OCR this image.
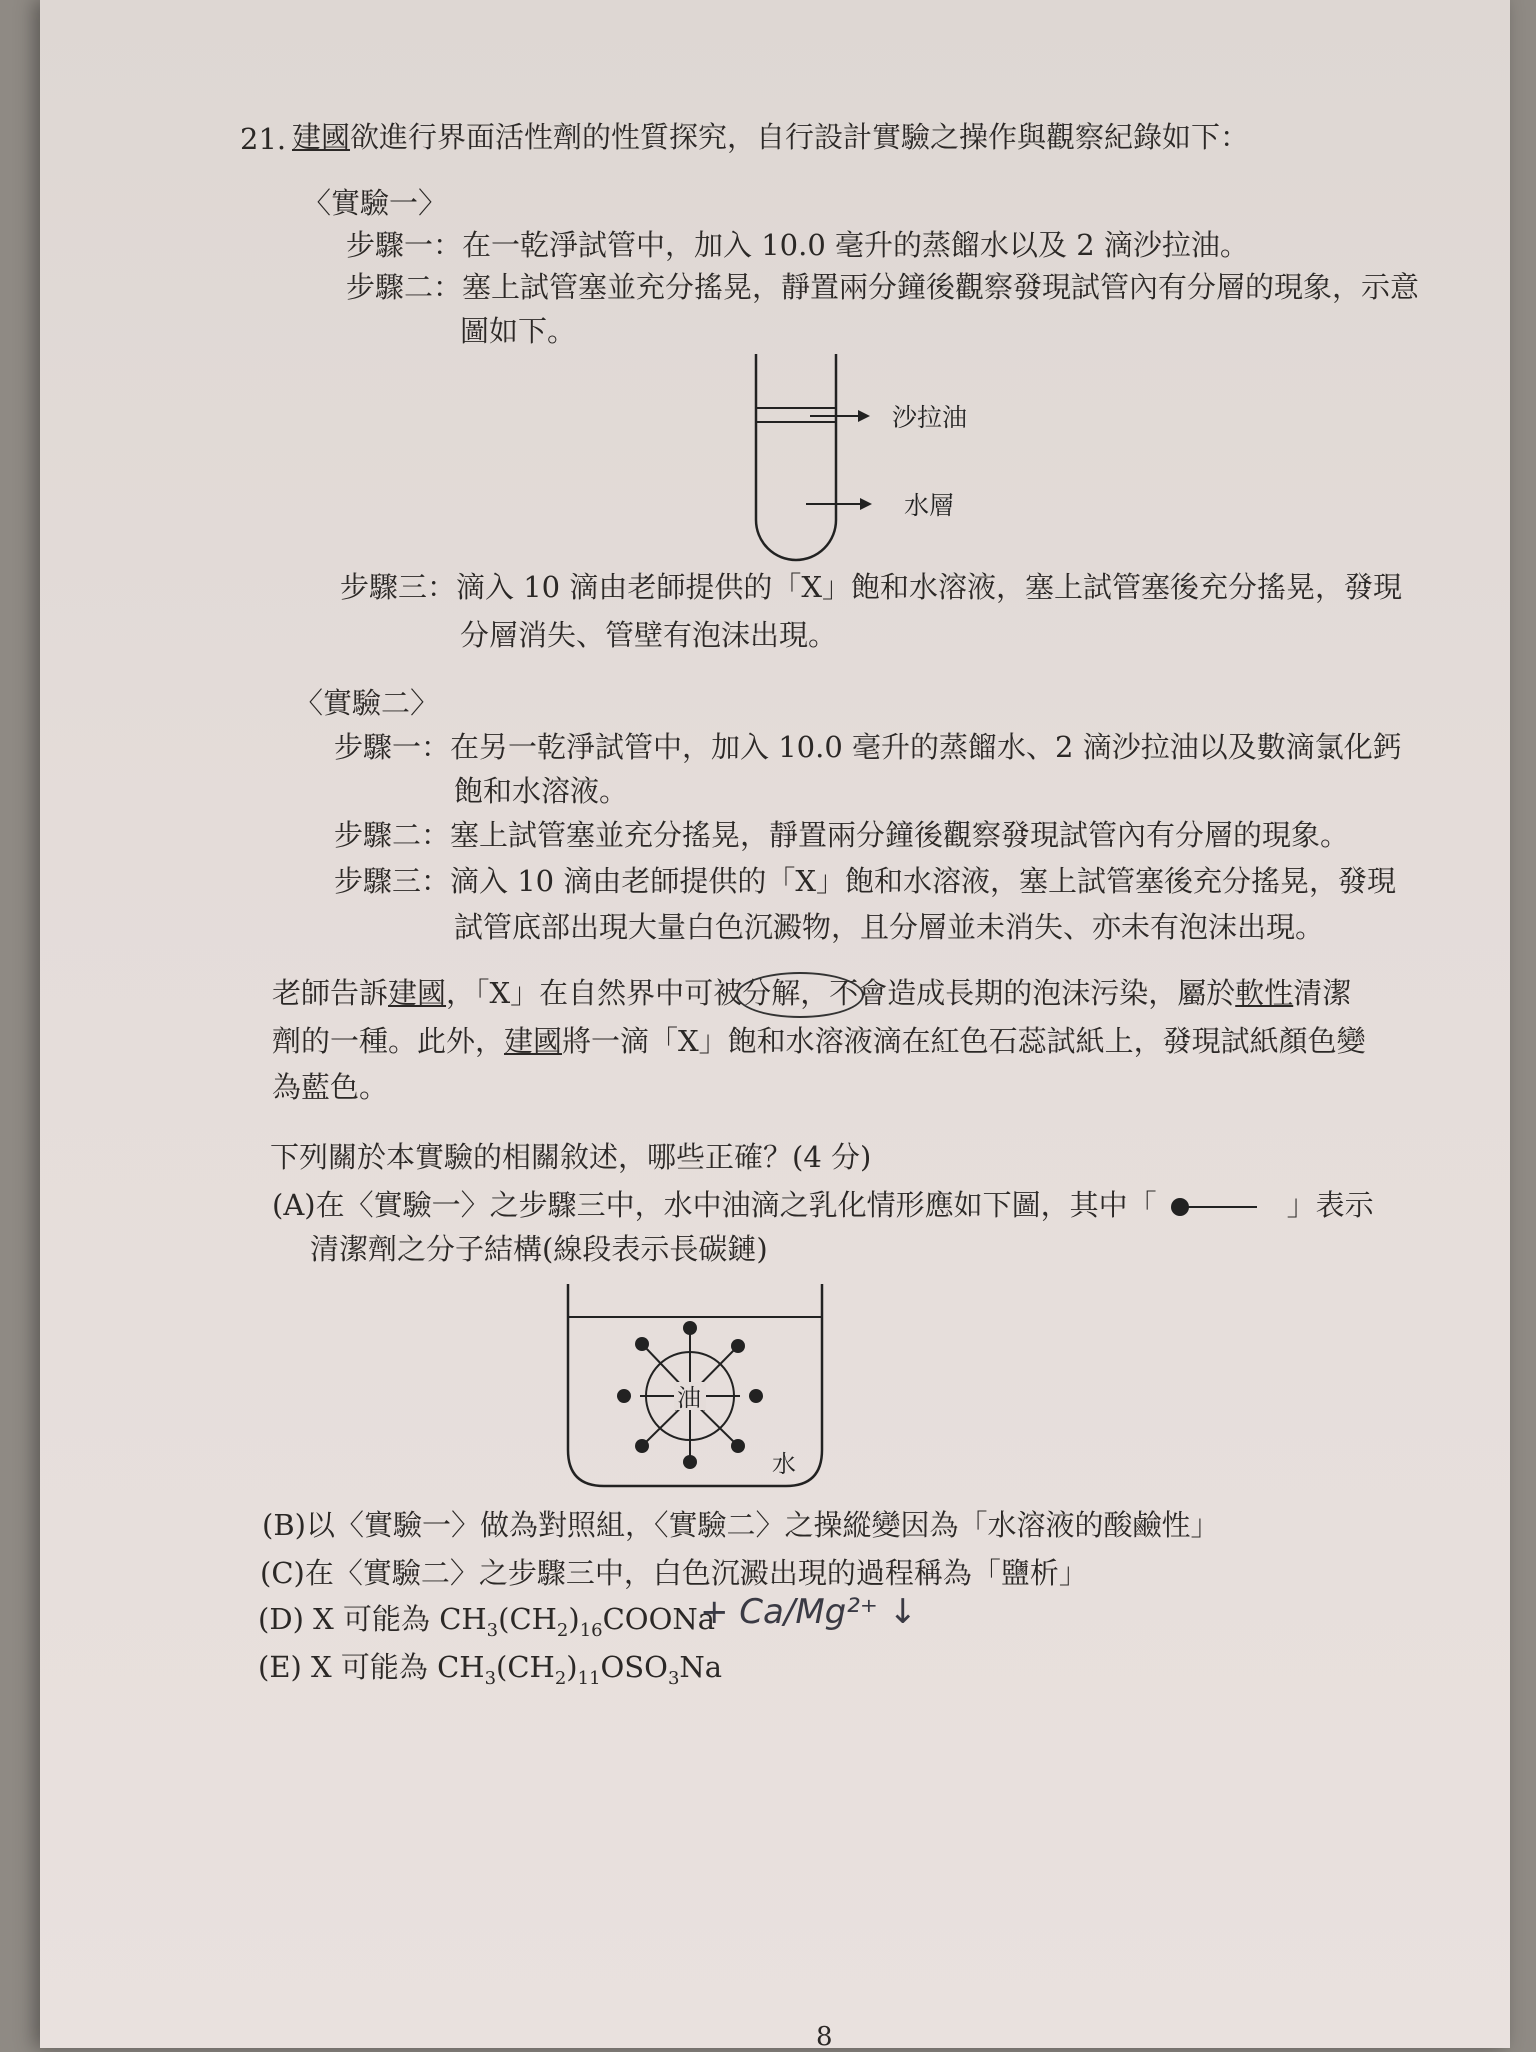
21. 建國欲進行界面活性劑的性質探究，自行設計實驗之操作與觀察紀錄如下：
〈實驗一〉
步驟一：在一乾淨試管中，加入 10.0 毫升的蒸餾水以及 2 滴沙拉油。
步驟二：塞上試管塞並充分搖晃，靜置兩分鐘後觀察發現試管內有分層的現象，示意
圖如下。
沙拉油
水層
步驟三：滴入 10 滴由老師提供的「X」飽和水溶液，塞上試管塞後充分搖晃，發現
分層消失、管壁有泡沫出現。
〈實驗二〉
步驟一：在另一乾淨試管中，加入 10.0 毫升的蒸餾水、2 滴沙拉油以及數滴氯化鈣
飽和水溶液。
步驟二：塞上試管塞並充分搖晃，靜置兩分鐘後觀察發現試管內有分層的現象。
步驟三：滴入 10 滴由老師提供的「X」飽和水溶液，塞上試管塞後充分搖晃，發現
試管底部出現大量白色沉澱物，且分層並未消失、亦未有泡沫出現。
老師告訴建國，「X」在自然界中可被分解，不會造成長期的泡沫污染，屬於軟性清潔
劑的一種。此外，建國將一滴「X」飽和水溶液滴在紅色石蕊試紙上，發現試紙顏色變
為藍色。
下列關於本實驗的相關敘述，哪些正確？(4 分)
(A)在〈實驗一〉之步驟三中，水中油滴之乳化情形應如下圖，其中「	」表示
清潔劑之分子結構(線段表示長碳鏈)
油
水
(B)以〈實驗一〉做為對照組，〈實驗二〉之操縱變因為「水溶液的酸鹼性」
(C)在〈實驗二〉之步驟三中，白色沉澱出現的過程稱為「鹽析」
(D) X 可能為 $CH_3(CH_2)_{16}COONa$
+ Ca/Mg²⁺ ↓
(E) X 可能為 $CH_3(CH_2)_{11}OSO_3Na$
8
